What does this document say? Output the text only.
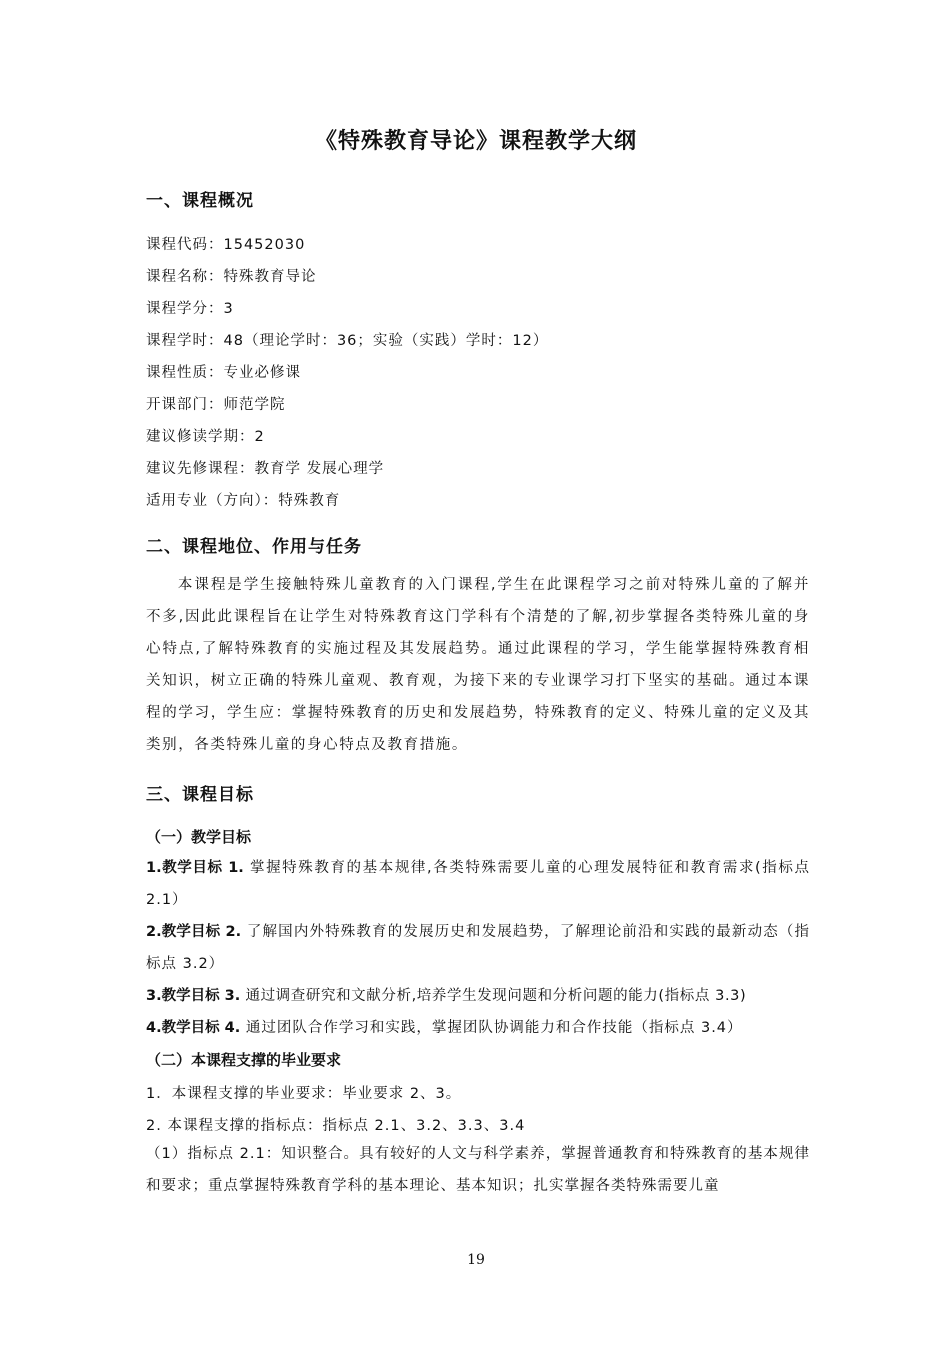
《特殊教育导论》课程教学大纲
一、课程概况
课程代码：15452030
课程名称：特殊教育导论
课程学分：3
课程学时：48（理论学时：36；实验（实践）学时：12）
课程性质：专业必修课
开课部门：师范学院
建议修读学期：2
建议先修课程：教育学 发展心理学
适用专业（方向）：特殊教育
二、课程地位、作用与任务
本课程是学生接触特殊儿童教育的入门课程,学生在此课程学习之前对特殊儿童的了解并不多,因此此课程旨在让学生对特殊教育这门学科有个清楚的了解,初步掌握各类特殊儿童的身心特点,了解特殊教育的实施过程及其发展趋势。通过此课程的学习，学生能掌握特殊教育相关知识，树立正确的特殊儿童观、教育观，为接下来的专业课学习打下坚实的基础。通过本课程的学习，学生应：掌握特殊教育的历史和发展趋势，特殊教育的定义、特殊儿童的定义及其类别，各类特殊儿童的身心特点及教育措施。
三、课程目标
（一）教学目标
1.教学目标 1. 掌握特殊教育的基本规律,各类特殊需要儿童的心理发展特征和教育需求(指标点 2.1）
2.教学目标 2. 了解国内外特殊教育的发展历史和发展趋势，了解理论前沿和实践的最新动态（指标点 3.2）
3.教学目标 3. 通过调查研究和文献分析,培养学生发现问题和分析问题的能力(指标点 3.3)
4.教学目标 4. 通过团队合作学习和实践，掌握团队协调能力和合作技能（指标点 3.4）
（二）本课程支撑的毕业要求
1．本课程支撑的毕业要求：毕业要求 2、3。
2. 本课程支撑的指标点：指标点 2.1、3.2、3.3、3.4
（1）指标点 2.1：知识整合。具有较好的人文与科学素养，掌握普通教育和特殊教育的基本规律和要求；重点掌握特殊教育学科的基本理论、基本知识；扎实掌握各类特殊需要儿童
19
